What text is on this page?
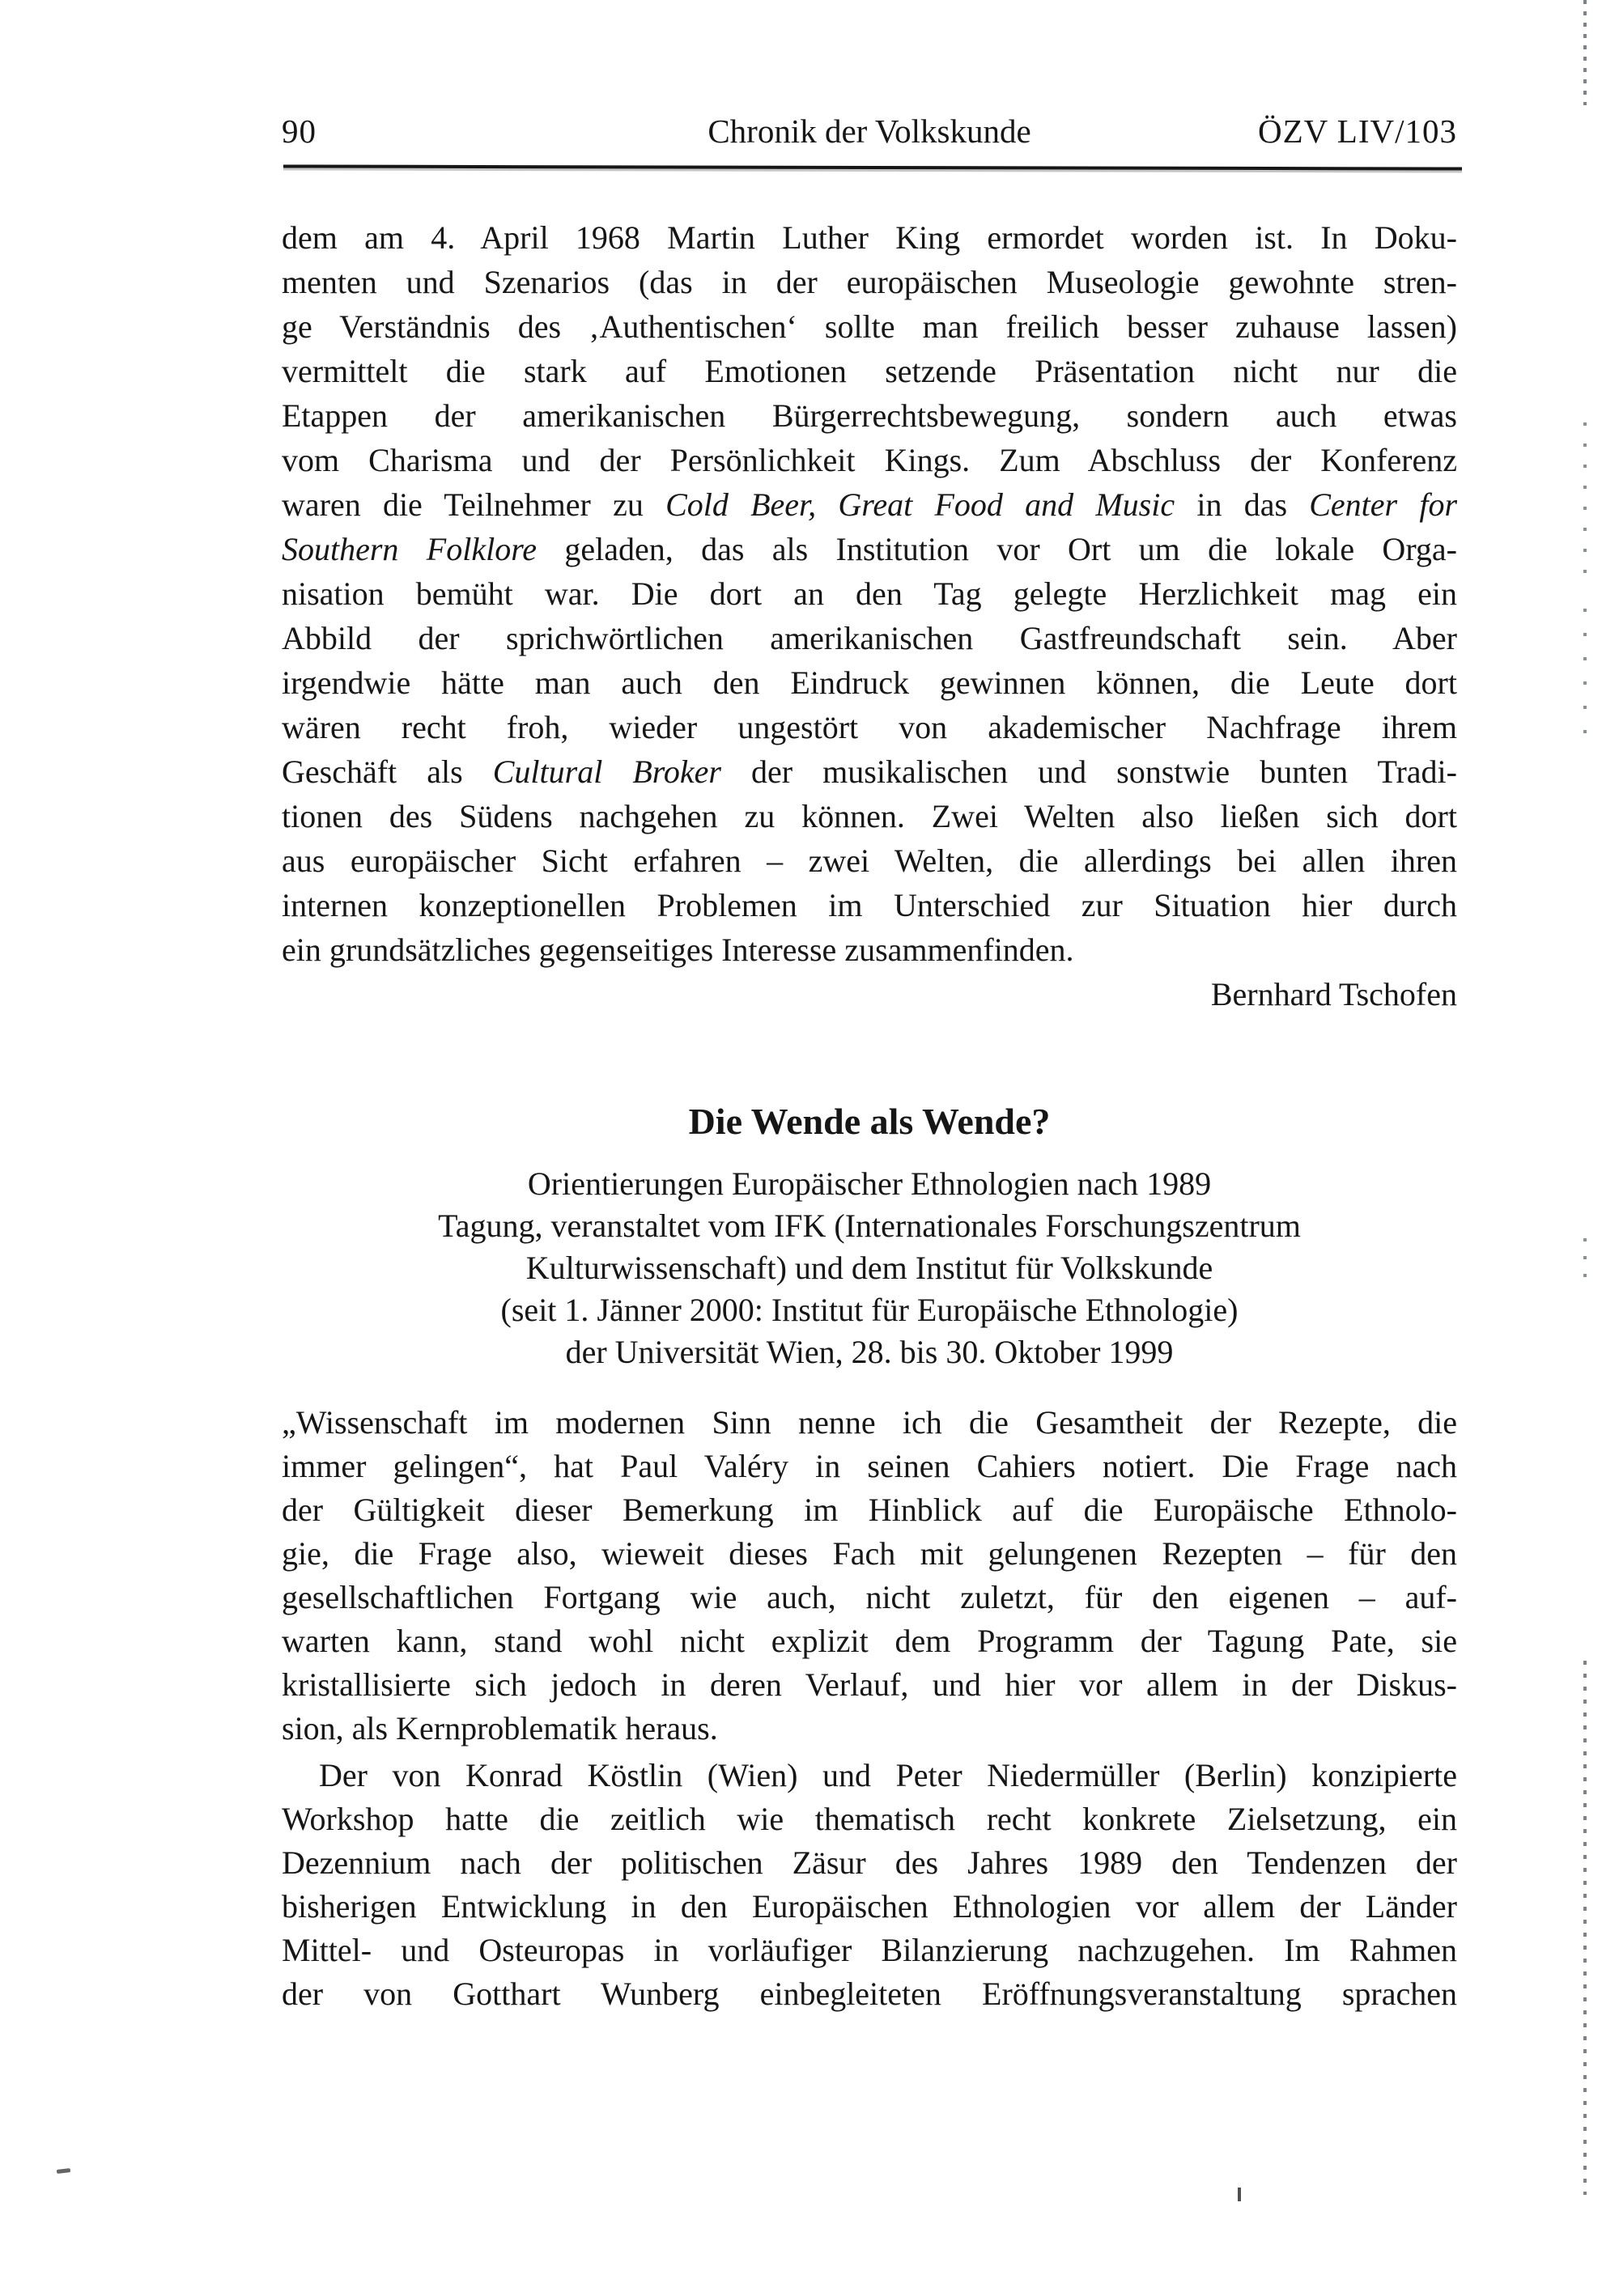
90	Chronik der Volkskunde	ÖZV LIV/103
dem am 4. April 1968 Martin Luther King ermordet worden ist. In Doku-
menten und Szenarios (das in der europäischen Museologie gewohnte stren-
ge Verständnis des ‚Authentischen‘ sollte man freilich besser zuhause lassen)
vermittelt die stark auf Emotionen setzende Präsentation nicht nur die
Etappen der amerikanischen Bürgerrechtsbewegung, sondern auch etwas
vom Charisma und der Persönlichkeit Kings. Zum Abschluss der Konferenz
waren die Teilnehmer zu Cold Beer, Great Food and Music in das Center for
Southern Folklore geladen, das als Institution vor Ort um die lokale Orga-
nisation bemüht war. Die dort an den Tag gelegte Herzlichkeit mag ein
Abbild der sprichwörtlichen amerikanischen Gastfreundschaft sein. Aber
irgendwie hätte man auch den Eindruck gewinnen können, die Leute dort
wären recht froh, wieder ungestört von akademischer Nachfrage ihrem
Geschäft als Cultural Broker der musikalischen und sonstwie bunten Tradi-
tionen des Südens nachgehen zu können. Zwei Welten also ließen sich dort
aus europäischer Sicht erfahren – zwei Welten, die allerdings bei allen ihren
internen konzeptionellen Problemen im Unterschied zur Situation hier durch
ein grundsätzliches gegenseitiges Interesse zusammenfinden.
Bernhard Tschofen
Die Wende als Wende?
Orientierungen Europäischer Ethnologien nach 1989
Tagung, veranstaltet vom IFK (Internationales Forschungszentrum
Kulturwissenschaft) und dem Institut für Volkskunde
(seit 1. Jänner 2000: Institut für Europäische Ethnologie)
der Universität Wien, 28. bis 30. Oktober 1999
„Wissenschaft im modernen Sinn nenne ich die Gesamtheit der Rezepte, die
immer gelingen“, hat Paul Valéry in seinen Cahiers notiert. Die Frage nach
der Gültigkeit dieser Bemerkung im Hinblick auf die Europäische Ethnolo-
gie, die Frage also, wieweit dieses Fach mit gelungenen Rezepten – für den
gesellschaftlichen Fortgang wie auch, nicht zuletzt, für den eigenen – auf-
warten kann, stand wohl nicht explizit dem Programm der Tagung Pate, sie
kristallisierte sich jedoch in deren Verlauf, und hier vor allem in der Diskus-
sion, als Kernproblematik heraus.
Der von Konrad Köstlin (Wien) und Peter Niedermüller (Berlin) konzipierte
Workshop hatte die zeitlich wie thematisch recht konkrete Zielsetzung, ein
Dezennium nach der politischen Zäsur des Jahres 1989 den Tendenzen der
bisherigen Entwicklung in den Europäischen Ethnologien vor allem der Länder
Mittel- und Osteuropas in vorläufiger Bilanzierung nachzugehen. Im Rahmen
der von Gotthart Wunberg einbegleiteten Eröffnungsveranstaltung sprachen
